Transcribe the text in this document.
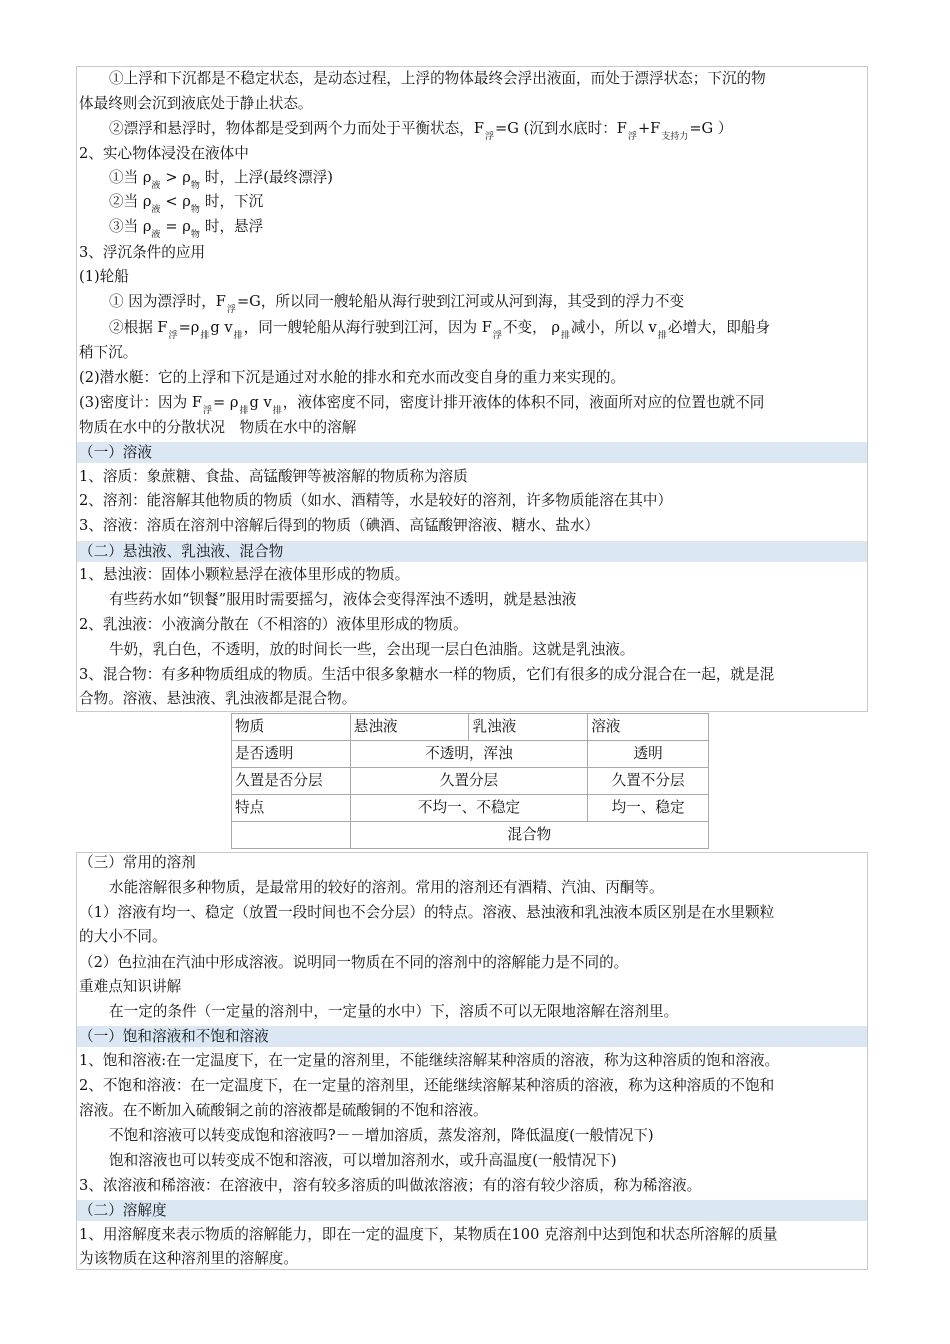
①上浮和下沉都是不稳定状态，是动态过程，上浮的物体最终会浮出液面，而处于漂浮状态；下沉的物
体最终则会沉到液底处于静止状态。
②漂浮和悬浮时，物体都是受到两个力而处于平衡状态，$F_浮=G$ (沉到水底时：$F_浮+F_{支持力}=G$ ）
2、实心物体浸没在液体中
①当 ρ液 > ρ物 时，上浮(最终漂浮)
②当 ρ液 < ρ物 时，下沉
③当 ρ液 = ρ物 时，悬浮
3、浮沉条件的应用
(1)轮船
① 因为漂浮时，$F_浮=G$，所以同一艘轮船从海行驶到江河或从河到海，其受到的浮力不变
②根据 $F_浮=\rho_排g$ $v_排$，同一艘轮船从海行驶到江河，因为 $F_浮$不变， $\rho_排$减小，所以 $v_排$必增大，即船身
稍下沉。
(2)潜水艇：它的上浮和下沉是通过对水舱的排水和充水而改变自身的重力来实现的。
(3)密度计：因为 $F_浮= \rho_排g$ $v_排$，液体密度不同，密度计排开液体的体积不同，液面所对应的位置也就不同
物质在水中的分散状况　物质在水中的溶解
（一）溶液
1、溶质：象蔗糖、食盐、高锰酸钾等被溶解的物质称为溶质
2、溶剂：能溶解其他物质的物质（如水、酒精等，水是较好的溶剂，许多物质能溶在其中）
3、溶液：溶质在溶剂中溶解后得到的物质（碘酒、高锰酸钾溶液、糖水、盐水）
（二）悬浊液、乳浊液、混合物
1、悬浊液：固体小颗粒悬浮在液体里形成的物质。
有些药水如“钡餐”服用时需要摇匀，液体会变得浑浊不透明，就是悬浊液
2、乳浊液：小液滴分散在（不相溶的）液体里形成的物质。
牛奶，乳白色，不透明，放的时间长一些，会出现一层白色油脂。这就是乳浊液。
3、混合物：有多种物质组成的物质。生活中很多象糖水一样的物质，它们有很多的成分混合在一起，就是混
合物。溶液、悬浊液、乳浊液都是混合物。
物质	悬浊液	乳浊液	溶液
是否透明	不透明，浑浊		透明
久置是否分层	久置分层		久置不分层
特点	不均一、不稳定		均一、稳定
	混合物		
（三）常用的溶剂
水能溶解很多种物质，是最常用的较好的溶剂。常用的溶剂还有酒精、汽油、丙酮等。
（1）溶液有均一、稳定（放置一段时间也不会分层）的特点。溶液、悬浊液和乳浊液本质区别是在水里颗粒
的大小不同。
（2）色拉油在汽油中形成溶液。说明同一物质在不同的溶剂中的溶解能力是不同的。
重难点知识讲解
在一定的条件（一定量的溶剂中，一定量的水中）下，溶质不可以无限地溶解在溶剂里。
（一）饱和溶液和不饱和溶液
1、饱和溶液:在一定温度下，在一定量的溶剂里，不能继续溶解某种溶质的溶液，称为这种溶质的饱和溶液。
2、不饱和溶液：在一定温度下，在一定量的溶剂里，还能继续溶解某种溶质的溶液，称为这种溶质的不饱和
溶液。在不断加入硫酸铜之前的溶液都是硫酸铜的不饱和溶液。
不饱和溶液可以转变成饱和溶液吗?－－增加溶质，蒸发溶剂，降低温度(一般情况下)
饱和溶液也可以转变成不饱和溶液，可以增加溶剂水，或升高温度(一般情况下)
3、浓溶液和稀溶液：在溶液中，溶有较多溶质的叫做浓溶液；有的溶有较少溶质，称为稀溶液。
（二）溶解度
1、用溶解度来表示物质的溶解能力，即在一定的温度下，某物质在100 克溶剂中达到饱和状态所溶解的质量
为该物质在这种溶剂里的溶解度。
